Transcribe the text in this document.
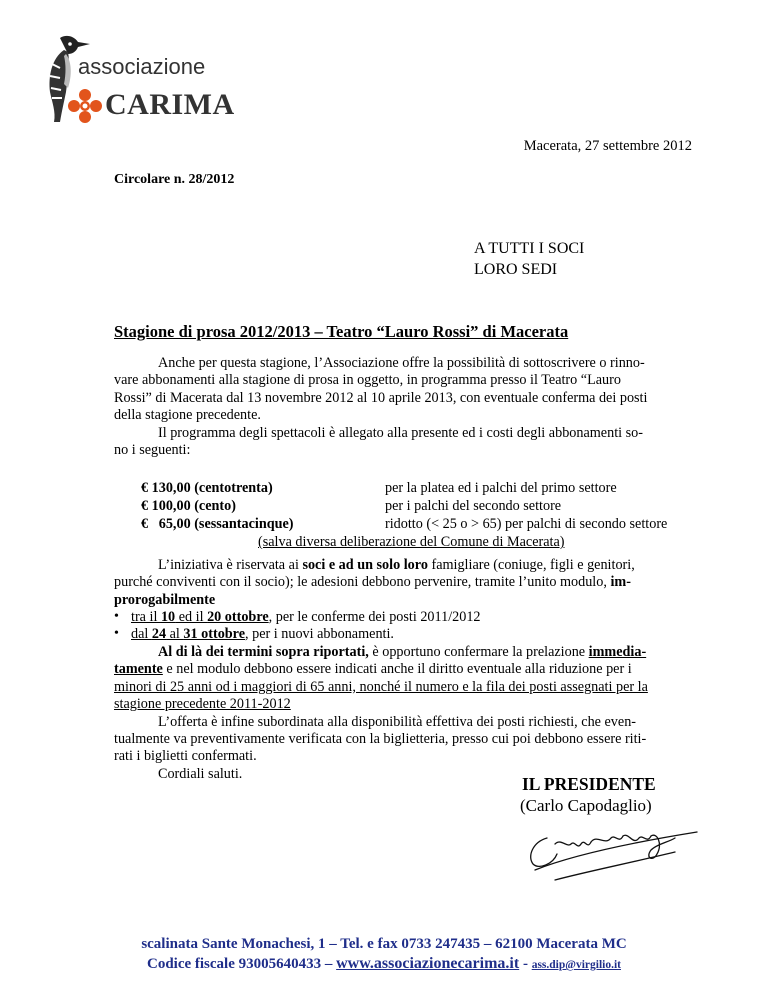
associazione
CARIMA
Macerata, 27 settembre 2012
Circolare n. 28/2012
A TUTTI I SOCI
LORO SEDI
Stagione di prosa 2012/2013 – Teatro “Lauro Rossi” di Macerata
Anche per questa stagione, l’Associazione offre la possibilità di sottoscrivere o rinno-
vare abbonamenti alla stagione di prosa in oggetto, in programma presso il Teatro “Lauro
Rossi” di Macerata dal 13 novembre 2012 al 10 aprile 2013, con eventuale conferma dei posti
della stagione precedente.
Il programma degli spettacoli è allegato alla presente ed i costi degli abbonamenti so-
no i seguenti:
€ 130,00 (centotrenta)	per la platea ed i palchi del primo settore
€ 100,00 (cento)	per i palchi del secondo settore
€   65,00 (sessantacinque)	ridotto (< 25 o > 65) per palchi di secondo settore
(salva diversa deliberazione del Comune di Macerata)
L’iniziativa è riservata ai soci e ad un solo loro famigliare (coniuge, figli e genitori,
purché conviventi con il socio); le adesioni debbono pervenire, tramite l’unito modulo, im-
prorogabilmente
• tra il 10 ed il 20 ottobre, per le conferme dei posti 2011/2012
• dal 24 al 31 ottobre, per i nuovi abbonamenti.
Al di là dei termini sopra riportati, è opportuno confermare la prelazione immedia-
tamente e nel modulo debbono essere indicati anche il diritto eventuale alla riduzione per i
minori di 25 anni od i maggiori di 65 anni, nonché il numero e la fila dei posti assegnati per la
stagione precedente 2011-2012
L’offerta è infine subordinata alla disponibilità effettiva dei posti richiesti, che even-
tualmente va preventivamente verificata con la biglietteria, presso cui poi debbono essere riti-
rati i biglietti confermati.
Cordiali saluti.
IL PRESIDENTE
(Carlo Capodaglio)
scalinata Sante Monachesi, 1 – Tel. e fax 0733 247435 – 62100 Macerata MC
Codice fiscale 93005640433 – www.associazionecarima.it - ass.dip@virgilio.it
